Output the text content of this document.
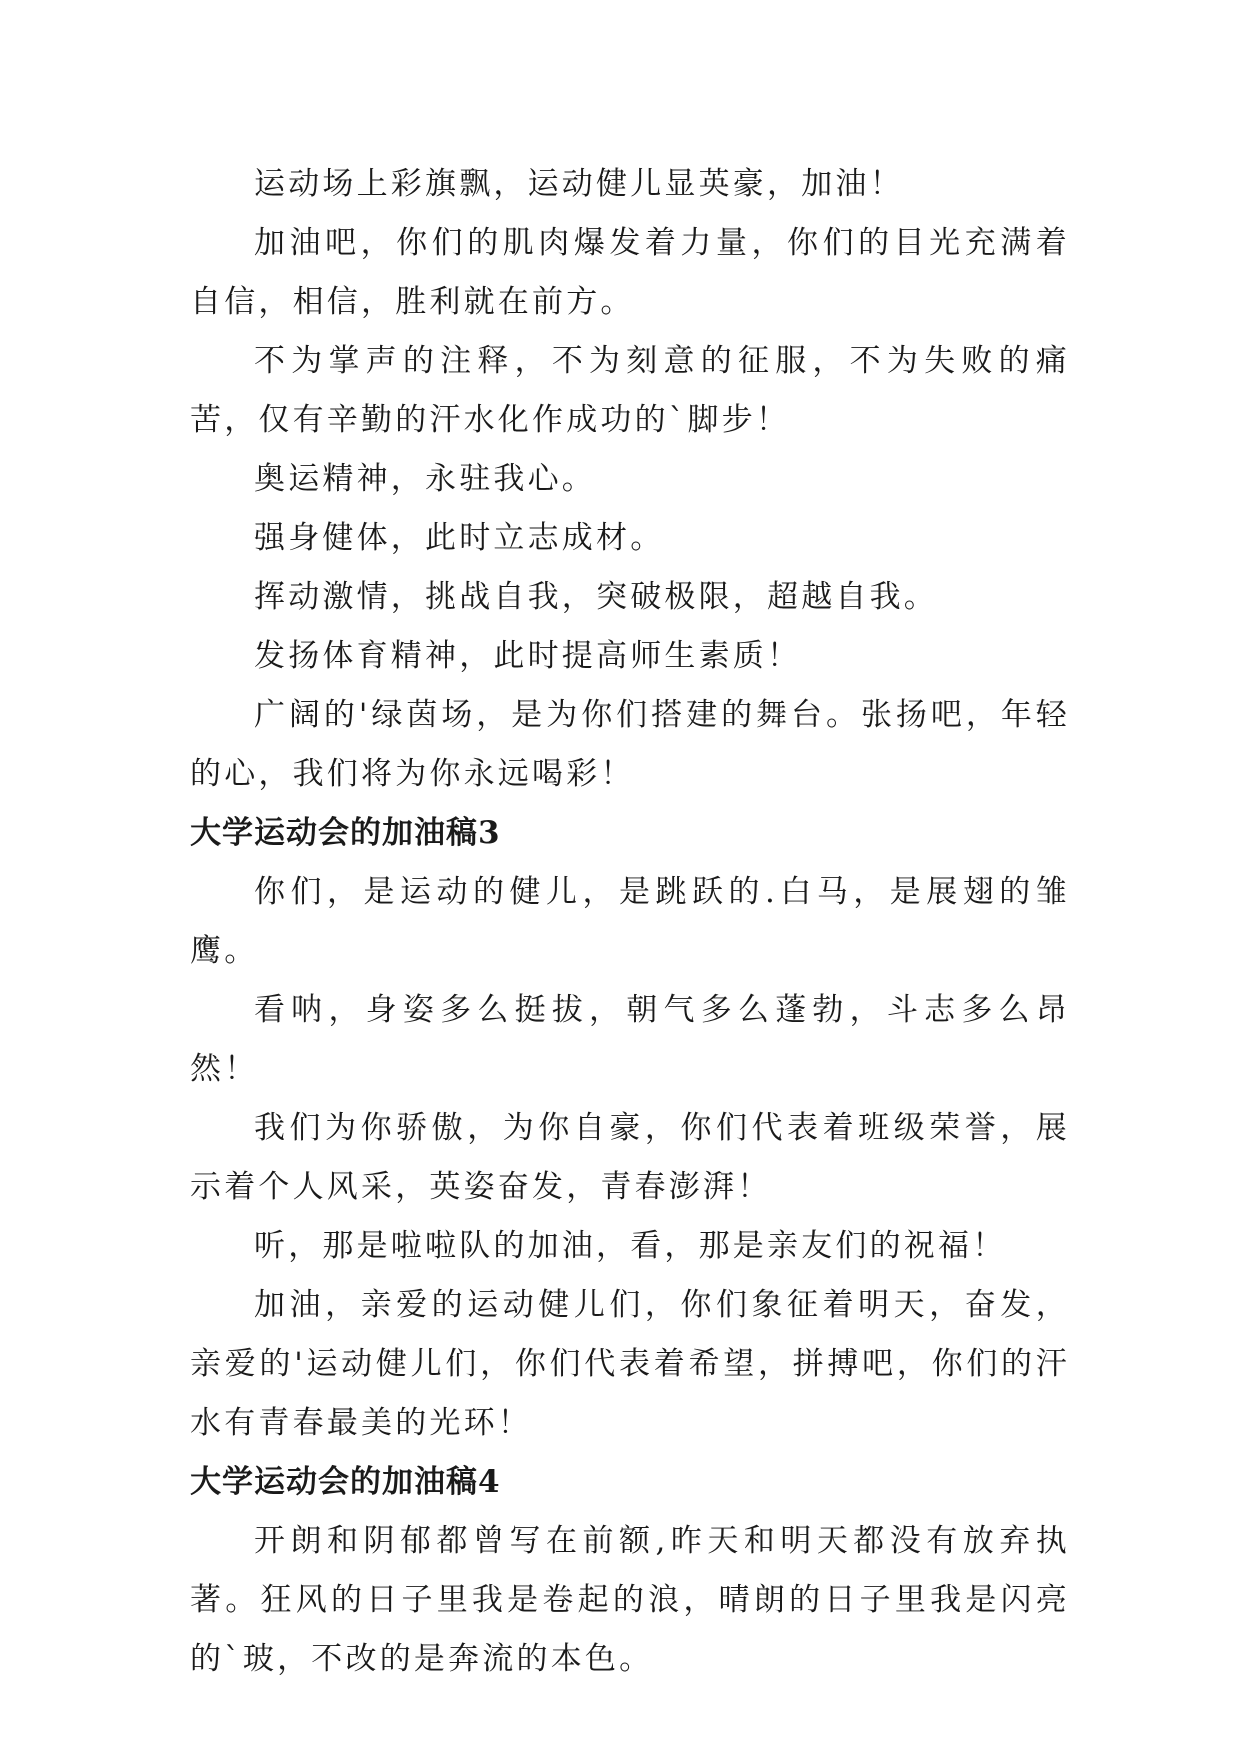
运动场上彩旗飘，运动健儿显英豪，加油！

加油吧，你们的肌肉爆发着力量，你们的目光充满着自信，相信，胜利就在前方。

不为掌声的注释，不为刻意的征服，不为失败的痛苦，仅有辛勤的汗水化作成功的`脚步！

奥运精神，永驻我心。

强身健体，此时立志成材。

挥动激情，挑战自我，突破极限，超越自我。

发扬体育精神，此时提高师生素质！

广阔的'绿茵场，是为你们搭建的舞台。张扬吧，年轻的心，我们将为你永远喝彩！

大学运动会的加油稿3

你们，是运动的健儿，是跳跃的.白马，是展翅的雏鹰。

看呐，身姿多么挺拔，朝气多么蓬勃，斗志多么昂然！

我们为你骄傲，为你自豪，你们代表着班级荣誉，展示着个人风采，英姿奋发，青春澎湃！

听，那是啦啦队的加油，看，那是亲友们的祝福！

加油，亲爱的运动健儿们，你们象征着明天，奋发，亲爱的'运动健儿们，你们代表着希望，拼搏吧，你们的汗水有青春最美的光环！

大学运动会的加油稿4

开朗和阴郁都曾写在前额,昨天和明天都没有放弃执著。狂风的日子里我是卷起的浪，晴朗的日子里我是闪亮的`玻，不改的是奔流的本色。
